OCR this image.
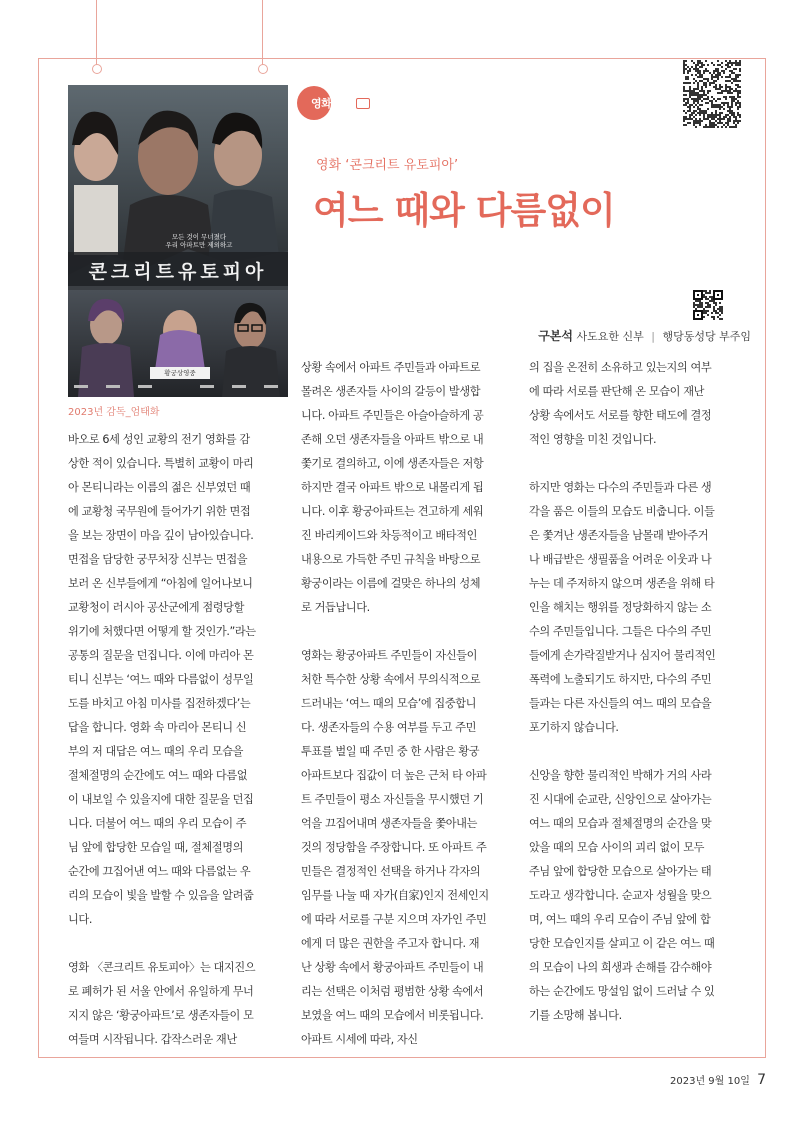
모든 것이 무너졌다
우리 아파트만 제외하고
콘크리트유토피아
황궁상영중
2023년 감독_엄태화
영화칼럼
영화 ‘콘크리트 유토피아’
여느 때와 다름없이
구본석 사도요한 신부 | 행당동성당 부주임

바오로 6세 성인 교황의 전기 영화를 감상한 적이 있습니다. 특별히 교황이 마리아 몬티니라는 이름의 젊은 신부였던 때에 교황청 국무원에 들어가기 위한 면접을 보는 장면이 마음 깊이 남아있습니다. 면접을 담당한 궁무처장 신부는 면접을 보러 온 신부들에게 “아침에 일어나보니 교황청이 러시아 공산군에게 점령당할 위기에 처했다면 어떻게 할 것인가.”라는 공통의 질문을 던집니다. 이에 마리아 몬티니 신부는 ‘여느 때와 다름없이 성무일도를 바치고 아침 미사를 집전하겠다’는 답을 합니다. 영화 속 마리아 몬티니 신부의 저 대답은 여느 때의 우리 모습을 절체절명의 순간에도 여느 때와 다름없이 내보일 수 있을지에 대한 질문을 던집니다. 더불어 여느 때의 우리 모습이 주님 앞에 합당한 모습일 때, 절체절명의 순간에 끄집어낸 여느 때와 다름없는 우리의 모습이 빛을 발할 수 있음을 알려줍니다.

영화 〈콘크리트 유토피아〉는 대지진으로 폐허가 된 서울 안에서 유일하게 무너지지 않은 ‘황궁아파트’로 생존자들이 모여들며 시작됩니다. 갑작스러운 재난

상황 속에서 아파트 주민들과 아파트로 몰려온 생존자들 사이의 갈등이 발생합니다. 아파트 주민들은 아슬아슬하게 공존해 오던 생존자들을 아파트 밖으로 내쫓기로 결의하고, 이에 생존자들은 저항하지만 결국 아파트 밖으로 내몰리게 됩니다. 이후 황궁아파트는 견고하게 세워진 바리케이드와 차등적이고 배타적인 내용으로 가득한 주민 규칙을 바탕으로 황궁이라는 이름에 걸맞은 하나의 성체로 거듭납니다.

영화는 황궁아파트 주민들이 자신들이 처한 특수한 상황 속에서 무의식적으로 드러내는 ‘여느 때의 모습’에 집중합니다. 생존자들의 수용 여부를 두고 주민 투표를 벌일 때 주민 중 한 사람은 황궁아파트보다 집값이 더 높은 근처 타 아파트 주민들이 평소 자신들을 무시했던 기억을 끄집어내며 생존자들을 쫓아내는 것의 정당함을 주장합니다. 또 아파트 주민들은 결정적인 선택을 하거나 각자의 임무를 나눌 때 자가(自家)인지 전세인지에 따라 서로를 구분 지으며 자가인 주민에게 더 많은 권한을 주고자 합니다. 재난 상황 속에서 황궁아파트 주민들이 내리는 선택은 이처럼 평범한 상황 속에서 보였을 여느 때의 모습에서 비롯됩니다. 아파트 시세에 따라, 자신

의 집을 온전히 소유하고 있는지의 여부에 따라 서로를 판단해 온 모습이 재난 상황 속에서도 서로를 향한 태도에 결정적인 영향을 미친 것입니다.

하지만 영화는 다수의 주민들과 다른 생각을 품은 이들의 모습도 비춥니다. 이들은 쫓겨난 생존자들을 남몰래 받아주거나 배급받은 생필품을 어려운 이웃과 나누는 데 주저하지 않으며 생존을 위해 타인을 해치는 행위를 정당화하지 않는 소수의 주민들입니다. 그들은 다수의 주민들에게 손가락질받거나 심지어 물리적인 폭력에 노출되기도 하지만, 다수의 주민들과는 다른 자신들의 여느 때의 모습을 포기하지 않습니다.

신앙을 향한 물리적인 박해가 거의 사라진 시대에 순교란, 신앙인으로 살아가는 여느 때의 모습과 절체절명의 순간을 맞았을 때의 모습 사이의 괴리 없이 모두 주님 앞에 합당한 모습으로 살아가는 태도라고 생각합니다. 순교자 성월을 맞으며, 여느 때의 우리 모습이 주님 앞에 합당한 모습인지를 살피고 이 같은 여느 때의 모습이 나의 희생과 손해를 감수해야 하는 순간에도 망설임 없이 드러날 수 있기를 소망해 봅니다.

2023년 9월 10일 7
